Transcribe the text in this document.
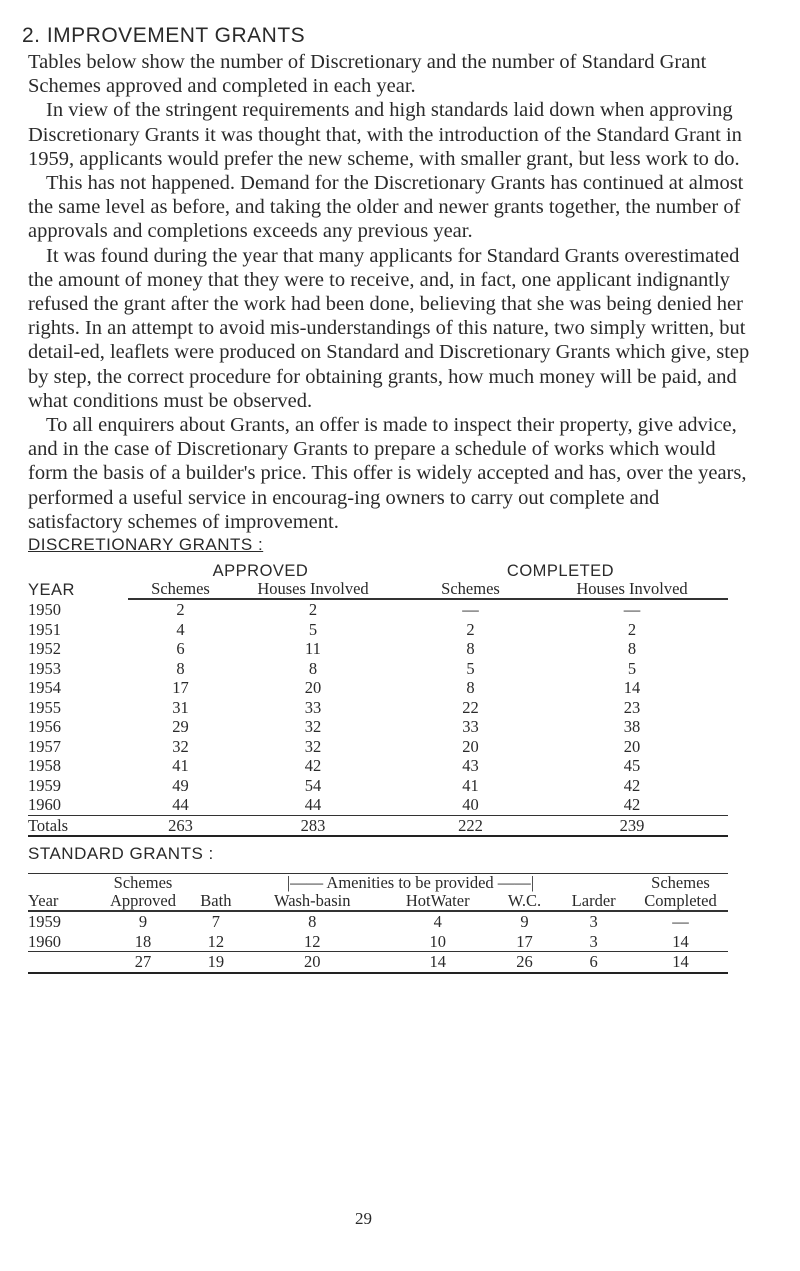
2. IMPROVEMENT GRANTS

Tables below show the number of Discretionary and the number of Standard Grant Schemes approved and completed in each year.

In view of the stringent requirements and high standards laid down when approving Discretionary Grants it was thought that, with the introduction of the Standard Grant in 1959, applicants would prefer the new scheme, with smaller grant, but less work to do.

This has not happened. Demand for the Discretionary Grants has continued at almost the same level as before, and taking the older and newer grants together, the number of approvals and completions exceeds any previous year.

It was found during the year that many applicants for Standard Grants overestimated the amount of money that they were to receive, and, in fact, one applicant indignantly refused the grant after the work had been done, believing that she was being denied her rights. In an attempt to avoid mis-understandings of this nature, two simply written, but detail-ed, leaflets were produced on Standard and Discretionary Grants which give, step by step, the correct procedure for obtaining grants, how much money will be paid, and what conditions must be observed.

To all enquirers about Grants, an offer is made to inspect their property, give advice, and in the case of Discretionary Grants to prepare a schedule of works which would form the basis of a builder's price. This offer is widely accepted and has, over the years, performed a useful service in encourag-ing owners to carry out complete and satisfactory schemes of improvement.

DISCRETIONARY GRANTS :
YEAR	APPROVED		COMPLETED	
	Schemes	Houses Involved	Schemes	Houses Involved
1950	2	2	—	—
1951	4	5	2	2
1952	6	11	8	8
1953	8	8	5	5
1954	17	20	8	14
1955	31	33	22	23
1956	29	32	33	38
1957	32	32	20	20
1958	41	42	43	45
1959	49	54	41	42
1960	44	44	40	42
Totals	263	283	222	239
STANDARD GRANTS :
	Schemes	|—— Amenities to be provided ——|					Schemes
Year	Approved	Bath	Wash-basin	HotWater	W.C.	Larder	Completed
1959	9	7	8	4	9	3	—
1960	18	12	12	10	17	3	14
	27	19	20	14	26	6	14
29
